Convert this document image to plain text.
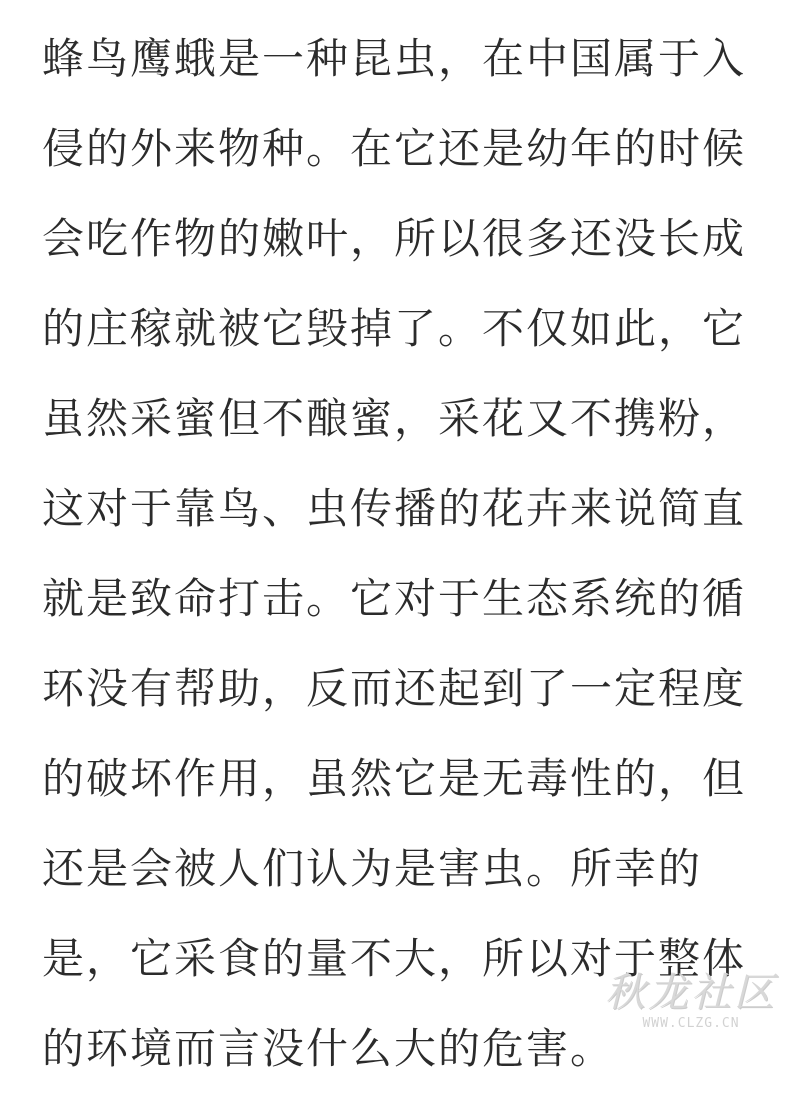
蜂鸟鹰蛾是一种昆虫，在中国属于入
侵的外来物种。在它还是幼年的时候
会吃作物的嫩叶，所以很多还没长成
的庄稼就被它毁掉了。不仅如此，它
虽然采蜜但不酿蜜，采花又不携粉，
这对于靠鸟、虫传播的花卉来说简直
就是致命打击。它对于生态系统的循
环没有帮助，反而还起到了一定程度
的破坏作用，虽然它是无毒性的，但
还是会被人们认为是害虫。所幸的
是，它采食的量不大，所以对于整体
的环境而言没什么大的危害。
秋龙社区
WWW.CLZG.CN
